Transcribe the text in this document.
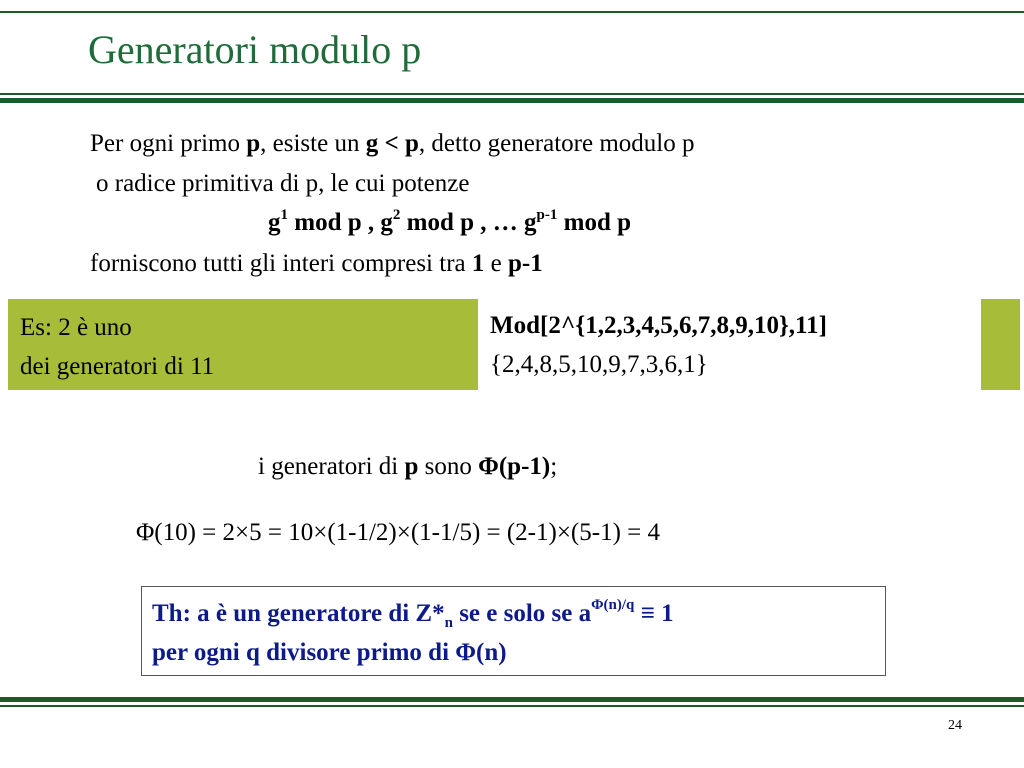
Generatori modulo p
Per ogni primo p, esiste un g < p, detto generatore modulo p
o radice primitiva di p, le cui potenze
$g^1$ mod p , $g^2$ mod p , … $g^{p-1}$ mod p
forniscono tutti gli interi compresi tra 1 e p-1
Es: 2 è uno
dei generatori di 11
Mod[2^{1,2,3,4,5,6,7,8,9,10},11]
{2,4,8,5,10,9,7,3,6,1}
i generatori di p sono Φ(p-1);
Φ(10) = 2×5 = 10×(1-1/2)×(1-1/5) = (2-1)×(5-1) = 4
Th: a è un generatore di $Z*_n$ se e solo se $a^{\Phi(n)/q} \equiv 1$
per ogni q divisore primo di Φ(n)
24
